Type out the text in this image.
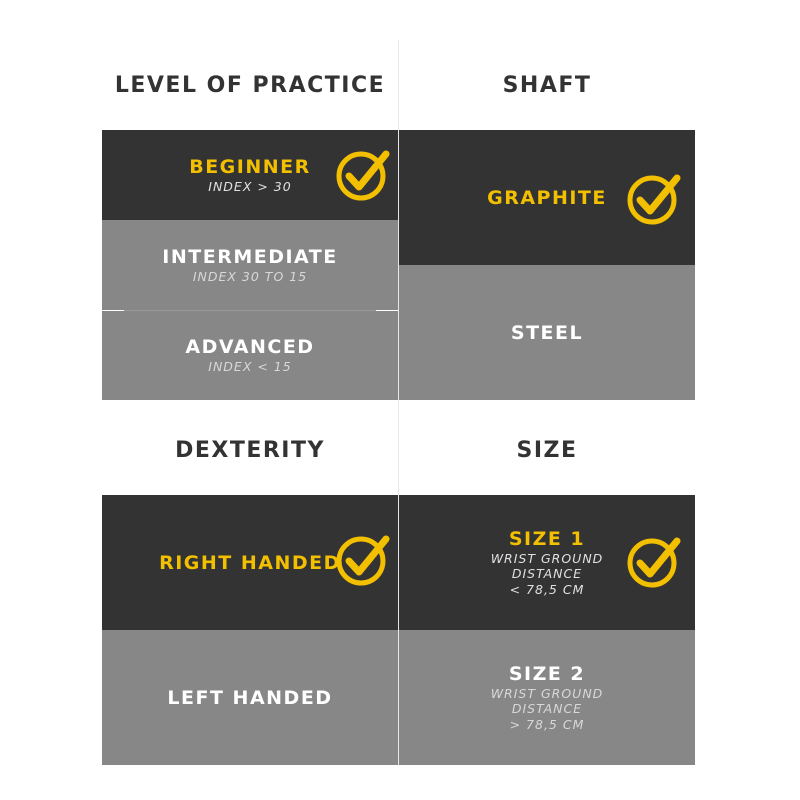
LEVEL OF PRACTICE
BEGINNER
INDEX > 30
INTERMEDIATE
INDEX 30 TO 15
ADVANCED
INDEX < 15
SHAFT
GRAPHITE
STEEL
DEXTERITY
RIGHT HANDED
LEFT HANDED
SIZE
SIZE 1
WRIST GROUND
DISTANCE
< 78,5 CM
SIZE 2
WRIST GROUND
DISTANCE
> 78,5 CM
